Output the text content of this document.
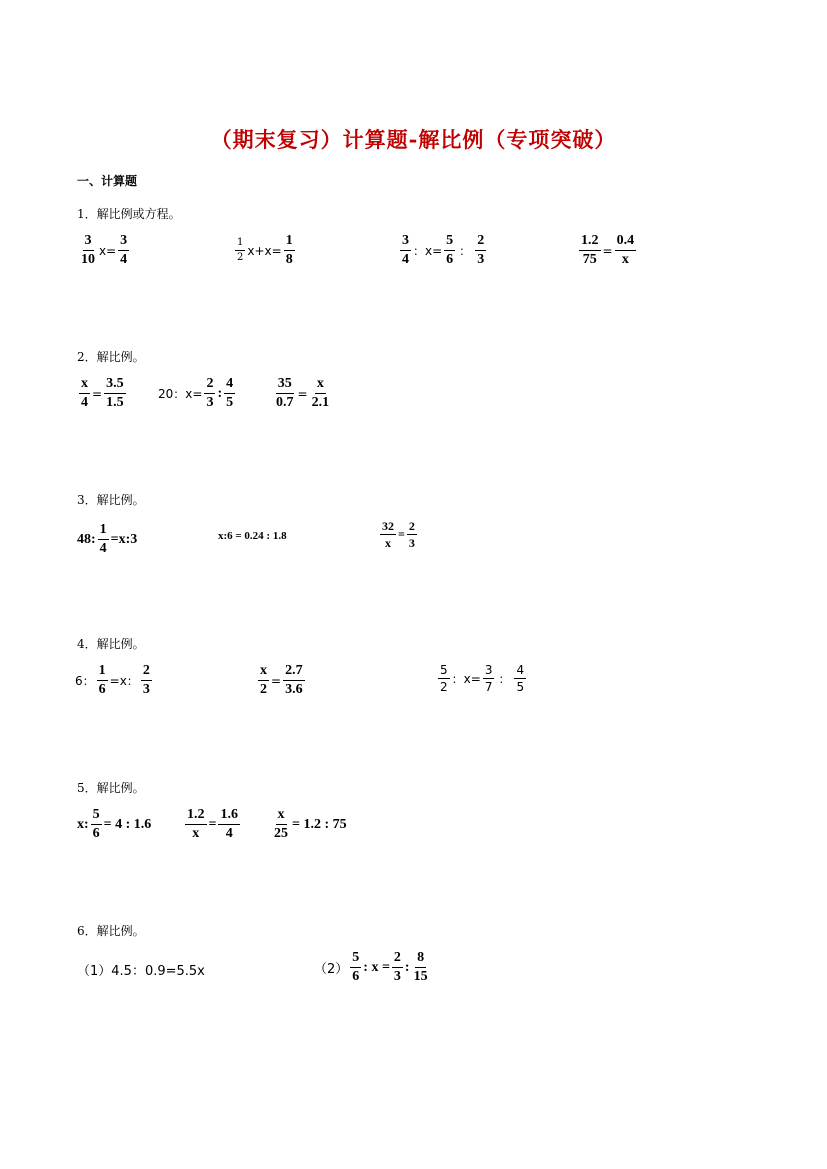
（期末复习）计算题-解比例（专项突破）
一、计算题
1．解比例或方程。
$\frac{3}{10}$ $x = \frac{3}{4}$	$\frac{1}{2} x+x= \frac{1}{8}$	$\frac{3}{4}$ ：$x= \frac{5}{6}$ ： $\frac{2}{3}$	$\frac{1.2}{75} = \frac{0.4}{x}$
2．解比例。
$\frac{x}{4} = \frac{3.5}{1.5}$	20：$x= \frac{2}{3}$ : $\frac{4}{5}$	$\frac{35}{0.7} = \frac{x}{2.1}$
3．解比例。
48: $\frac{1}{4}$ =x:3	x:6 = 0.24 : 1.8	$\frac{32}{x} = \frac{2}{3}$
4．解比例。
6： $\frac{1}{6} =x$： $\frac{2}{3}$	$\frac{x}{2} = \frac{2.7}{3.6}$	$\frac{5}{2}$ ：$x= \frac{3}{7}$ ： $\frac{4}{5}$
5．解比例。
x: $\frac{5}{6} = 4$ : $1.6 \frac{1.2}{x} = \frac{1.6}{4} \frac{x}{25} = 1.2$ : 75
6．解比例。
（1）4.5：0.9=5.5x	$(2) \frac{5}{6}$ : $x = \frac{2}{3}$ : $\frac{8}{15}$
